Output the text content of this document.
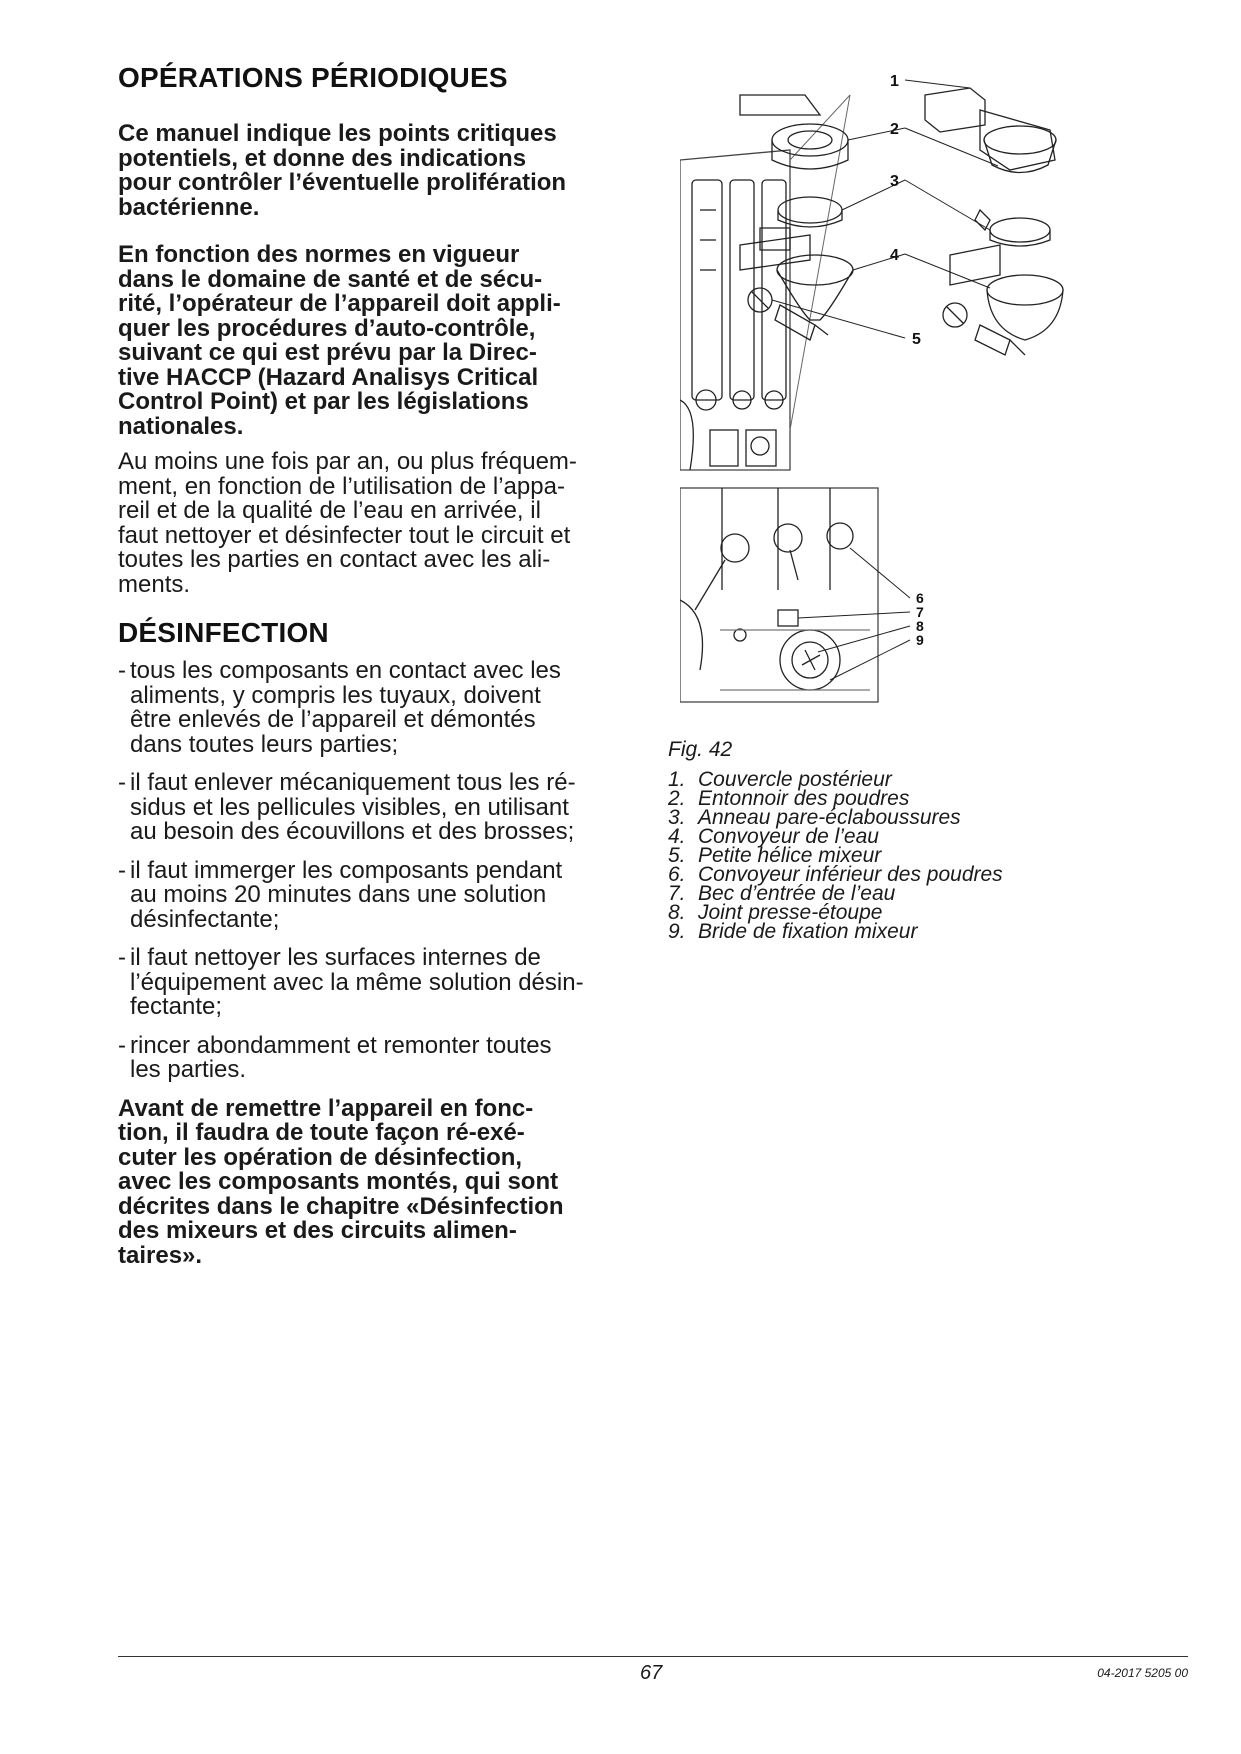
OPÉRATIONS PÉRIODIQUES

Ce manuel indique les points critiques
potentiels, et donne des indications
pour contrôler l’éventuelle prolifération
bactérienne.

En fonction des normes en vigueur
dans le domaine de santé et de sécu-
rité, l’opérateur de l’appareil doit appli-
quer les procédures d’auto-contrôle,
suivant ce qui est prévu par la Direc-
tive HACCP (Hazard Analisys Critical
Control Point) et par les législations
nationales.

Au moins une fois par an, ou plus fréquem-
ment, en fonction de l’utilisation de l’appa-
reil et de la qualité de l’eau en arrivée, il
faut nettoyer et désinfecter tout le circuit et
toutes les parties en contact avec les ali-
ments.

DÉSINFECTION
- tous les composants en contact avec les
aliments, y compris les tuyaux, doivent
être enlevés de l’appareil et démontés
dans toutes leurs parties;
- il faut enlever mécaniquement tous les ré-
sidus et les pellicules visibles, en utilisant
au besoin des écouvillons et des brosses;
- il faut immerger les composants pendant
au moins 20 minutes dans une solution
désinfectante;
- il faut nettoyer les surfaces internes de
l’équipement avec la même solution désin-
fectante;
- rincer abondamment et remonter toutes
les parties.

Avant de remettre l’appareil en fonc-
tion, il faudra de toute façon ré-exé-
cuter les opération de désinfection,
avec les composants montés, qui sont
décrites dans le chapitre «Désinfection
des mixeurs et des circuits alimen-
taires».

1
2
3
4
5
6
7
8
9
Fig. 42
1. Couvercle postérieur
2. Entonnoir des poudres
3. Anneau pare-éclaboussures
4. Convoyeur de l’eau
5. Petite hélice mixeur
6. Convoyeur inférieur des poudres
7. Bec d’entrée de l’eau
8. Joint presse-étoupe
9. Bride de fixation mixeur
67	04-2017 5205 00
